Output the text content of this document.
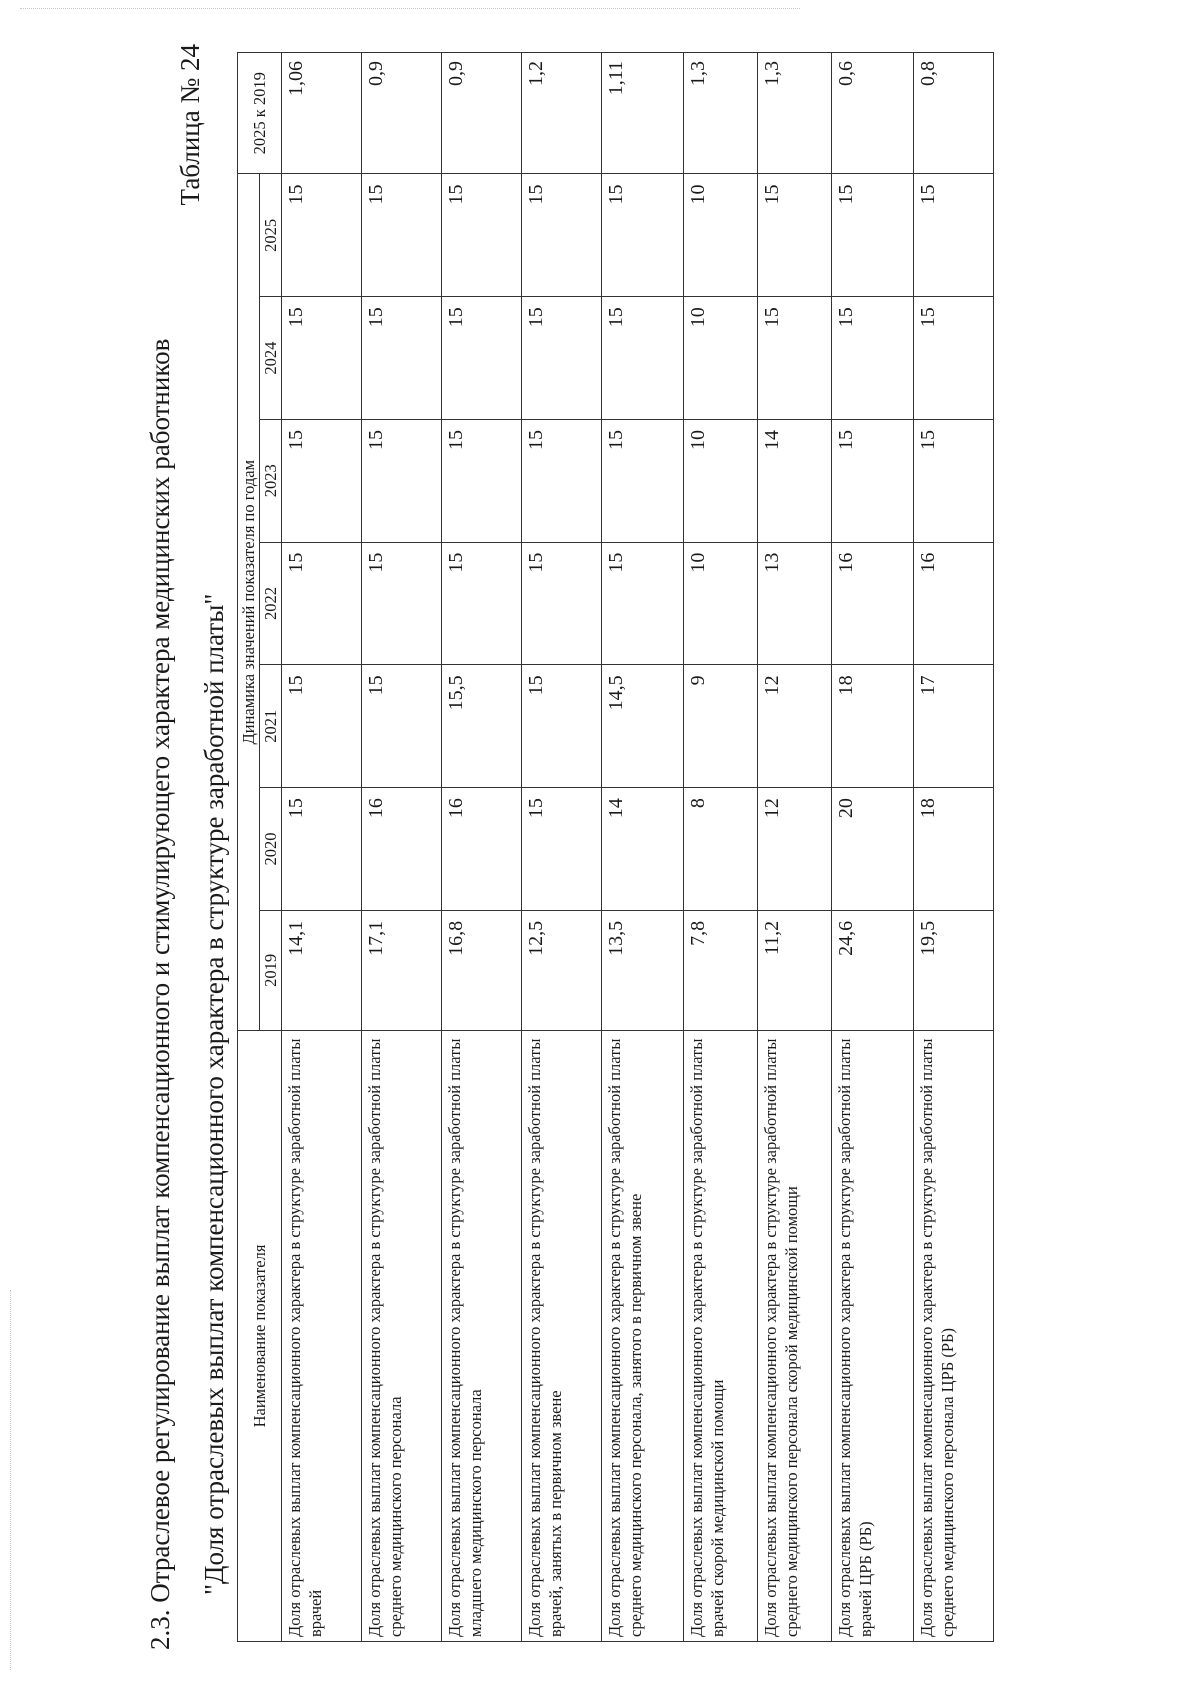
2.3. Отраслевое регулирование выплат компенсационного и стимулирующего характера медицинских работников
Таблица № 24
"Доля отраслевых выплат компенсационного характера в структуре заработной платы" Наименование показателя	Динамика значений показателя по годам							2025 к 2019
	2019	2020	2021	2022	2023	2024	2025	
Доля отраслевых выплат компенсационного характера в структуре заработной платы врачей	14,1	15	15	15	15	15	15	1,06
Доля отраслевых выплат компенсационного характера в структуре заработной платы среднего медицинского персонала	17,1	16	15	15	15	15	15	0,9
Доля отраслевых выплат компенсационного характера в структуре заработной платы младшего медицинского персонала	16,8	16	15,5	15	15	15	15	0,9
Доля отраслевых выплат компенсационного характера в структуре заработной платы врачей, занятых в первичном звене	12,5	15	15	15	15	15	15	1,2
Доля отраслевых выплат компенсационного характера в структуре заработной платы среднего медицинского персонала, занятого в первичном звене	13,5	14	14,5	15	15	15	15	1,11
Доля отраслевых выплат компенсационного характера в структуре заработной платы врачей скорой медицинской помощи	7,8	8	9	10	10	10	10	1,3
Доля отраслевых выплат компенсационного характера в структуре заработной платы среднего медицинского персонала скорой медицинской помощи	11,2	12	12	13	14	15	15	1,3
Доля отраслевых выплат компенсационного характера в структуре заработной платы врачей ЦРБ (РБ)	24,6	20	18	16	15	15	15	0,6
Доля отраслевых выплат компенсационного характера в структуре заработной платы среднего медицинского персонала ЦРБ (РБ)	19,5	18	17	16	15	15	15	0,8
